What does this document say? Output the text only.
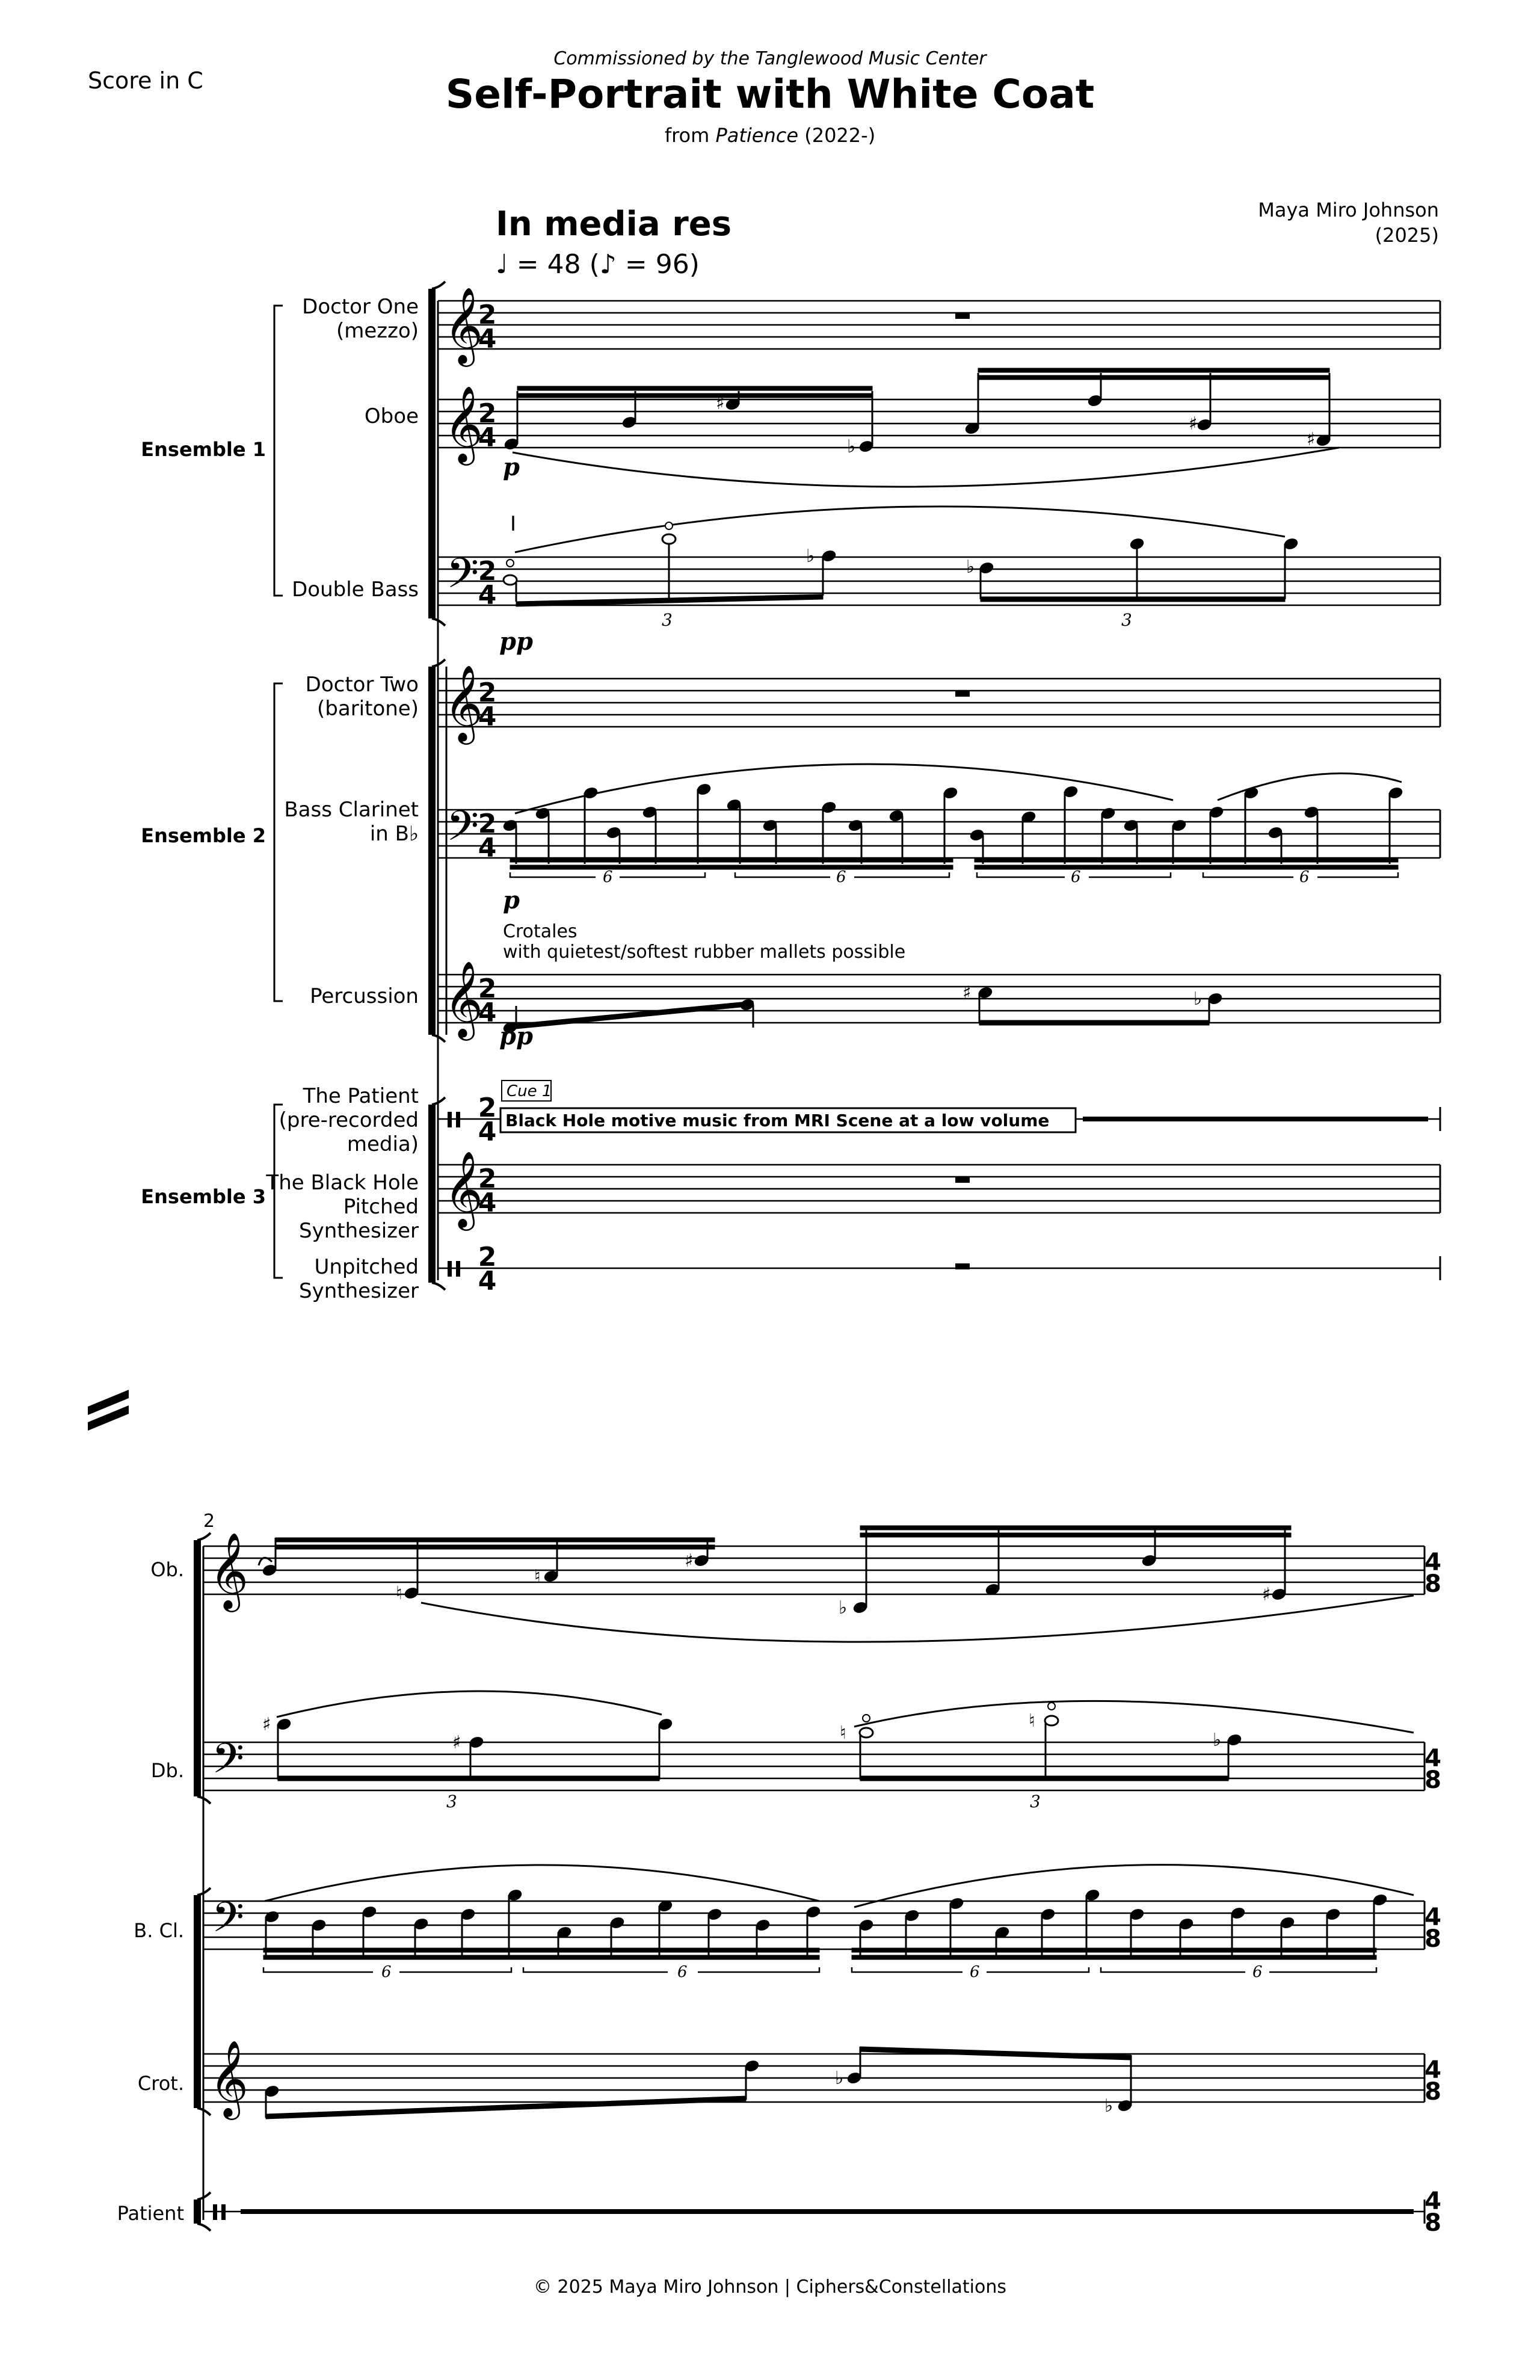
Score in C
Commissioned by the Tanglewood Music Center
Self-Portrait with White Coat
from Patience (2022-)
Maya Miro Johnson
(2025)
In media res
♩ = 48 (♪ = 96)
Doctor One
(mezzo)
Oboe
Double Bass
Ensemble 1
Doctor Two
(baritone)
Bass Clarinet
in B♭
Percussion
Ensemble 2
The Patient
(pre-recorded
media)
The Black Hole
Pitched
Synthesizer
Unpitched
Synthesizer
Ensemble 3
Ob.
Db.
B. Cl.
Crot.
Patient
© 2025 Maya Miro Johnson | Ciphers&Constellations
𝄞
𝄞
𝄢
𝄞
𝄢
𝄞
𝄞
2
4
2
4
2
4
2
4
2
4
2
4
2
4
2
4
2
4
♯
♭
♯
♯
p
I
♭
3
♭
3
pp
6	6	6	6
p
Crotales
with quietest/softest rubber mallets possible
♯	♭
pp
Cue 1
Black Hole motive music from MRI Scene at a low volume
2
𝄞
𝄢
𝄢
𝄞
4
8
4
8
4
8
4
8
4
8
♮
♮
♯
♭
♯
♯
♯
3
♮
♮
♭
3
6	6	6	6
♭
♭
